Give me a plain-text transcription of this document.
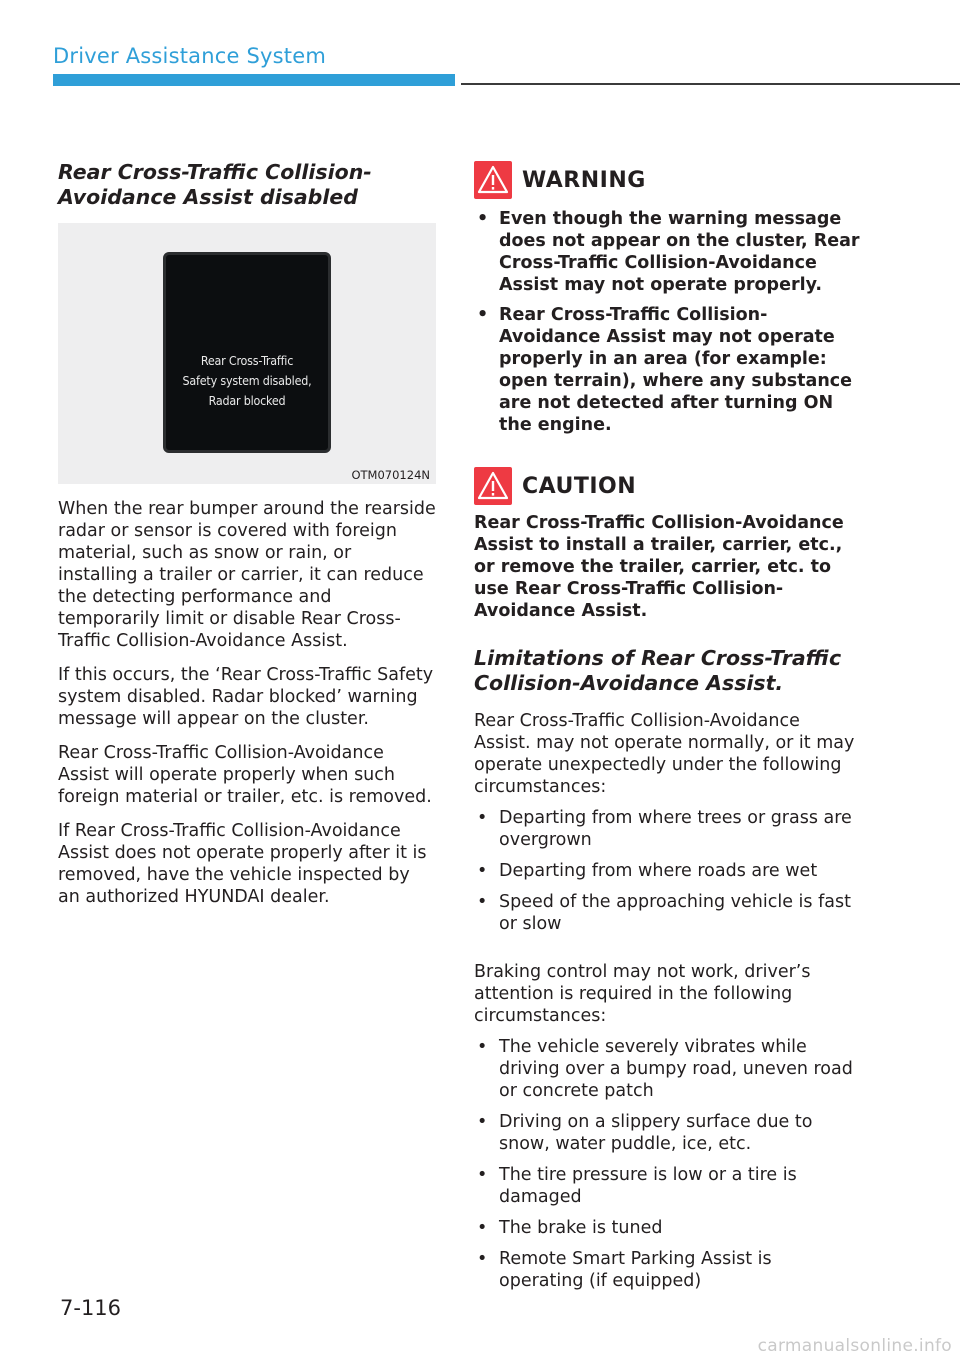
Driver Assistance System
Rear Cross-Traffic Collision-
Avoidance Assist disabled
Rear Cross-Traffic
Safety system disabled,
Radar blocked
OTM070124N

When the rear bumper around the rearside radar or sensor is covered with foreign material, such as snow or rain, or installing a trailer or carrier, it can reduce the detecting performance and temporarily limit or disable Rear Cross-Traffic Collision-Avoidance Assist.

If this occurs, the ‘Rear Cross-Traffic Safety system disabled. Radar blocked’ warning message will appear on the cluster.

Rear Cross-Traffic Collision-Avoidance Assist will operate properly when such foreign material or trailer, etc. is removed.

If Rear Cross-Traffic Collision-Avoidance Assist does not operate properly after it is removed, have the vehicle inspected by an authorized HYUNDAI dealer.

WARNING
• Even though the warning message does not appear on the cluster, Rear Cross-Traffic Collision-Avoidance Assist may not operate properly.
• Rear Cross-Traffic Collision-Avoidance Assist may not operate properly in an area (for example: open terrain), where any substance are not detected after turning ON the engine.
CAUTION

Rear Cross-Traffic Collision-Avoidance Assist to install a trailer, carrier, etc., or remove the trailer, carrier, etc. to use Rear Cross-Traffic Collision-Avoidance Assist.

Limitations of Rear Cross-Traffic
Collision-Avoidance Assist.

Rear Cross-Traffic Collision-Avoidance Assist. may not operate normally, or it may operate unexpectedly under the following circumstances:

• Departing from where trees or grass are overgrown
• Departing from where roads are wet
• Speed of the approaching vehicle is fast or slow

Braking control may not work, driver’s attention is required in the following circumstances:

• The vehicle severely vibrates while driving over a bumpy road, uneven road or concrete patch
• Driving on a slippery surface due to snow, water puddle, ice, etc.
• The tire pressure is low or a tire is damaged
• The brake is tuned
• Remote Smart Parking Assist is operating (if equipped)
7-116
carmanualsonline.info
